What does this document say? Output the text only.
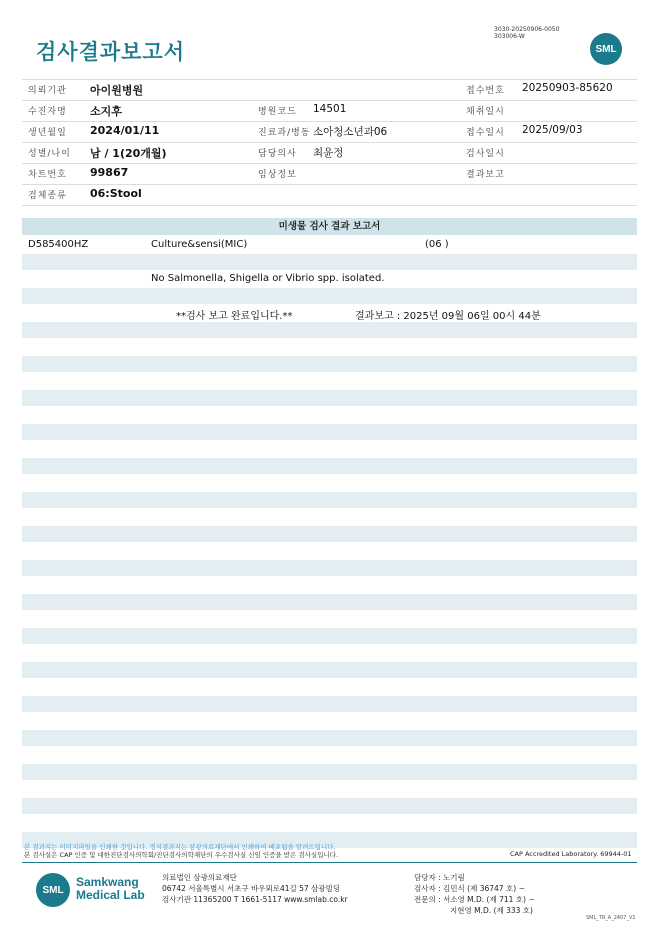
검사결과보고서
3030-20250906-0050
303006-W
SML
의뢰기관 아이원병원	접수번호 20250903-85620
수진자명 소지후	병원코드 14501	채취일시
생년월일 2024/01/11	진료과/병동 소아청소년과06	접수일시 2025/09/03
성별/나이 남 / 1(20개월)	담당의사 최윤정	검사일시
차트번호 99867	임상정보	결과보고
검체종류 06:Stool
미생물 검사 결과 보고서
D585400HZ	Culture&sensi(MIC)	(06 )
No Salmonella, Shigella or Vibrio spp. isolated.
**검사 보고 완료입니다.**	결과보고 : 2025년 09월 06일 00시 44분
본 결과지는 이미지파일을 인쇄한 것입니다. 정식결과지는 삼광의료재단에서 인쇄하여 배포됨을 알려드립니다.
본 검사실은 CAP 인증 및 대한진단검사의학회/진단검사의학재단의 우수검사실 신임 인증을 받은 검사실입니다.	CAP Accredited Laboratory. 69944-01
SML
Samkwang
Medical Lab
의료법인 삼광의료재단
06742 서울특별시 서초구 바우뫼로41길 57 삼광빌딩
검사기관 11365200 T 1661-5117 www.smlab.co.kr
담당자 : 노기림
검사자 : 김민식 (제 36747 호) ~
전문의 : 서소영 M.D. (제 711 호) ~
지현영 M.D. (제 333 호)
SML_TR_A_2407_V1
